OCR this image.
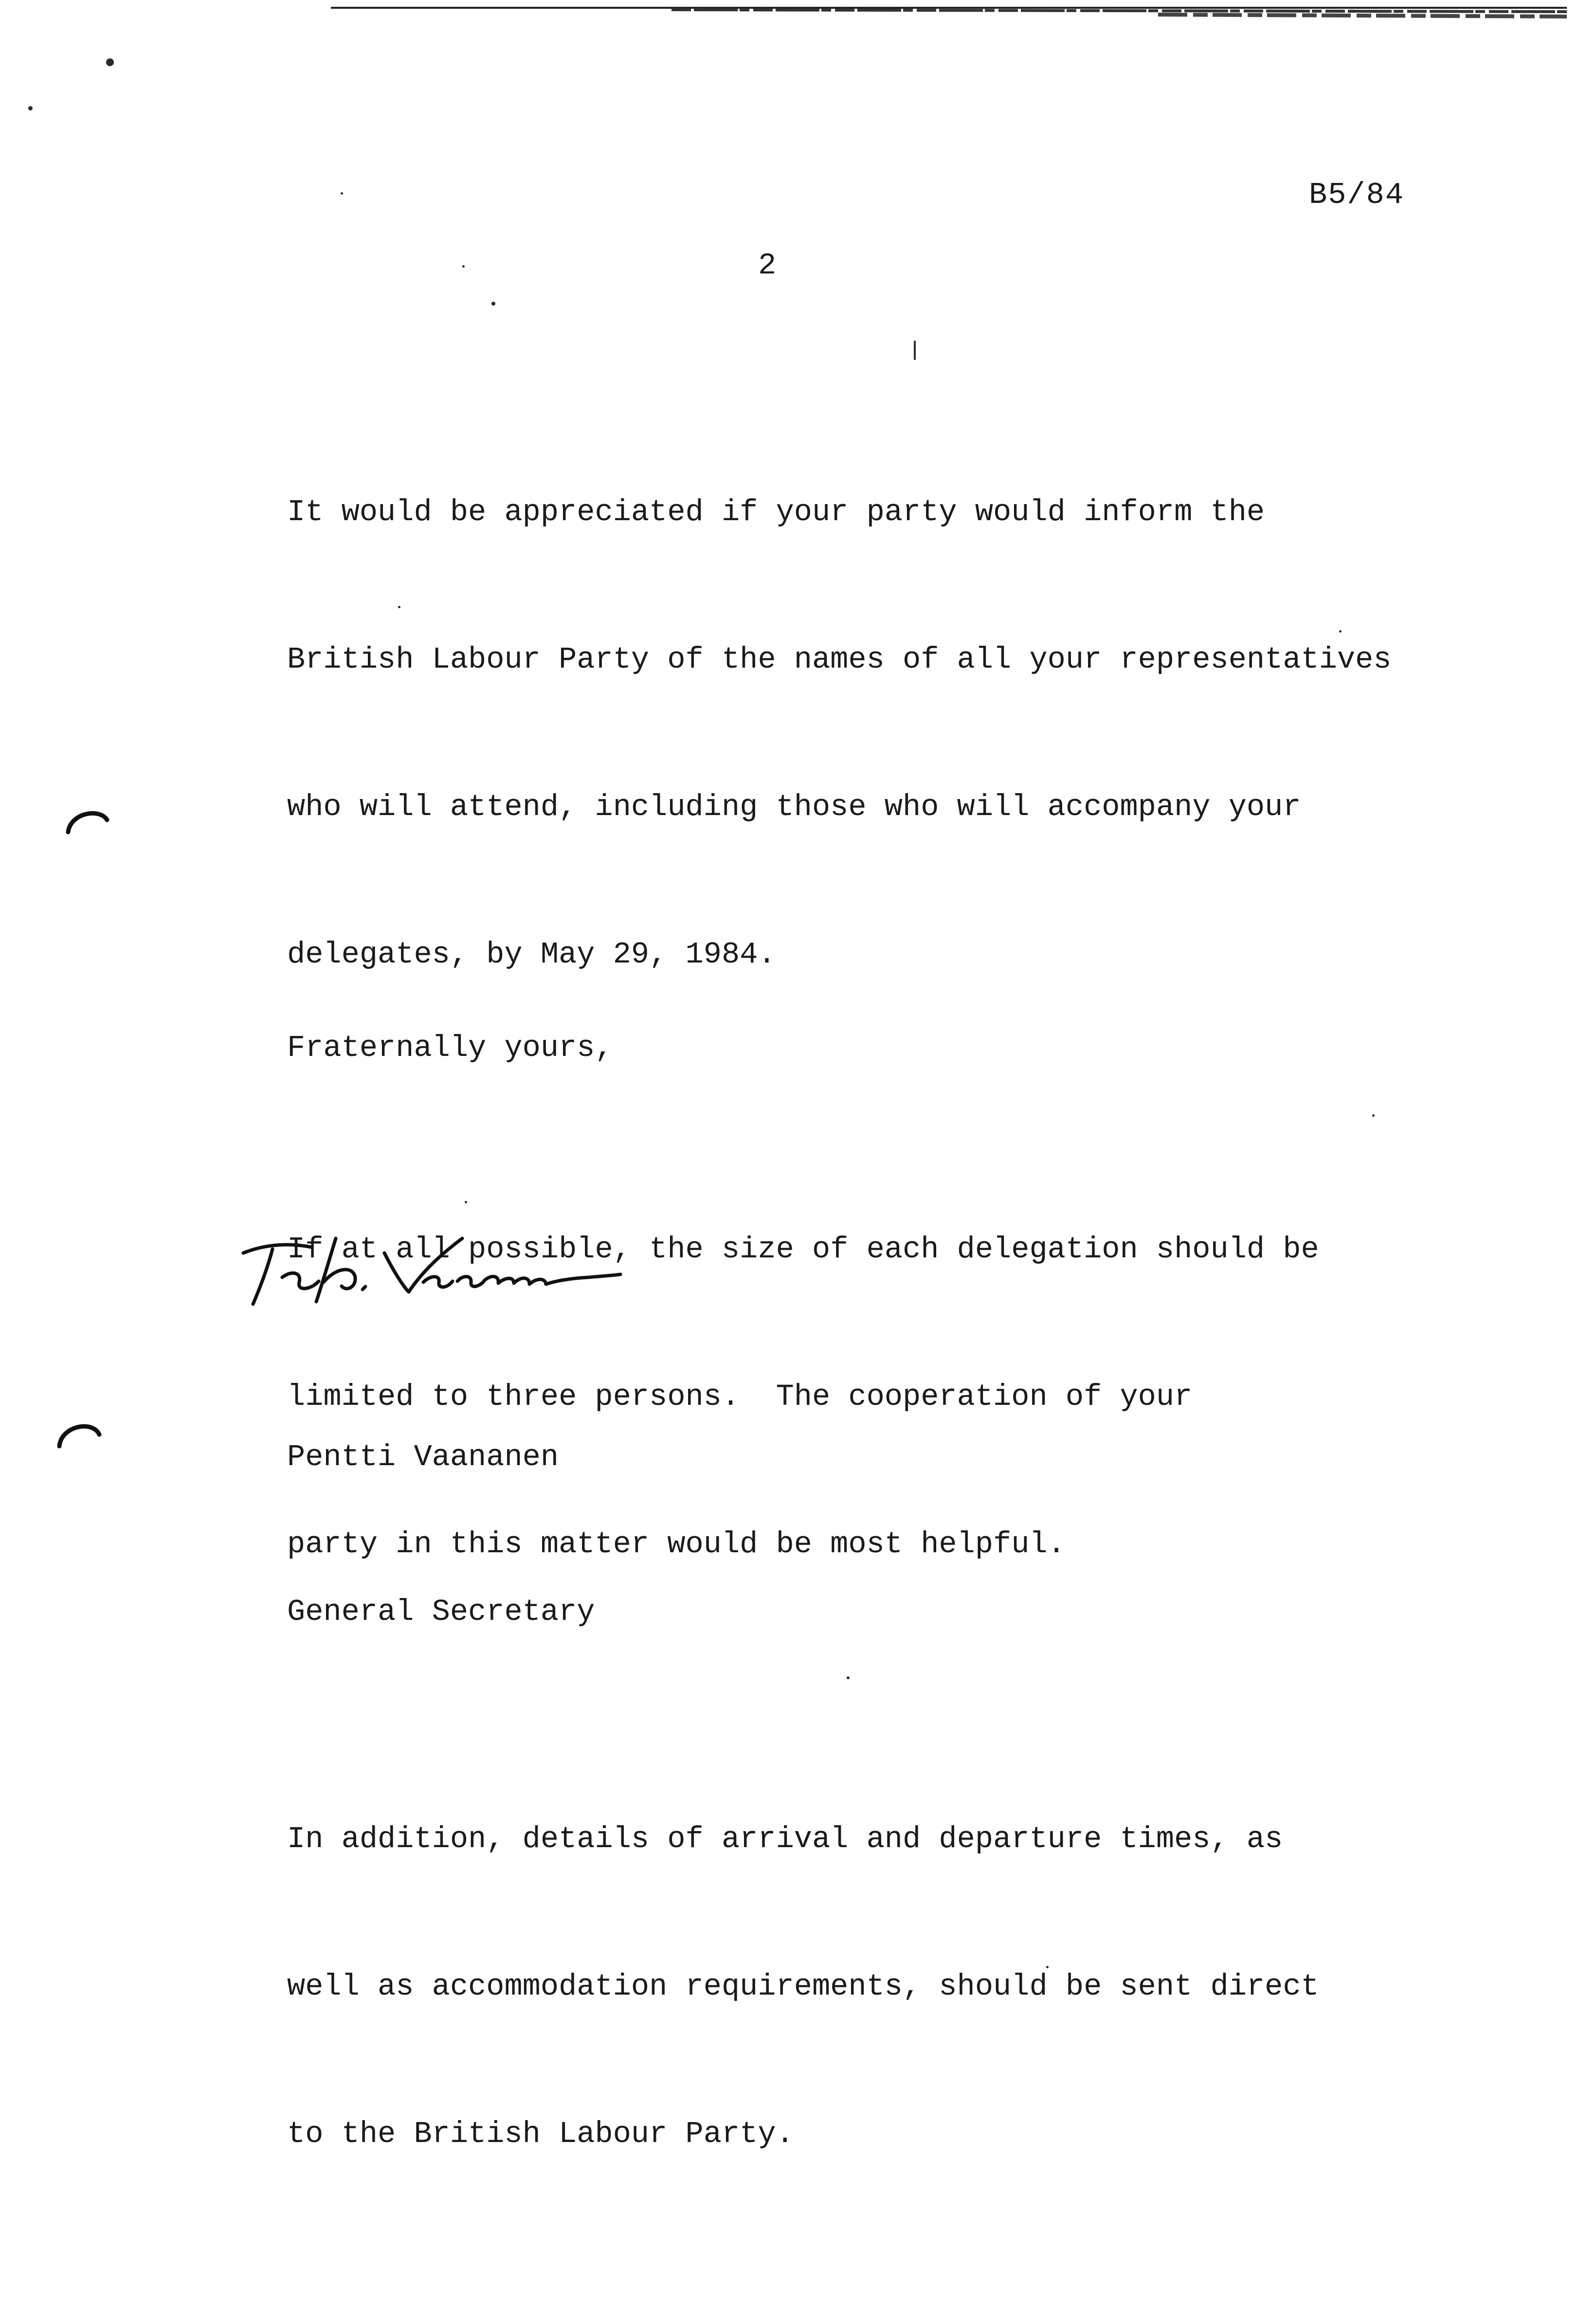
B5/84
2

It would be appreciated if your party would inform the

British Labour Party of the names of all your representatives

who will attend, including those who will accompany your

delegates, by May 29, 1984.

If at all possible, the size of each delegation should be

limited to three persons.  The cooperation of your

party in this matter would be most helpful.

In addition, details of arrival and departure times, as

well as accommodation requirements, should be sent direct

to the British Labour Party.

Fraternally yours,

Pentti Vaananen

General Secretary
